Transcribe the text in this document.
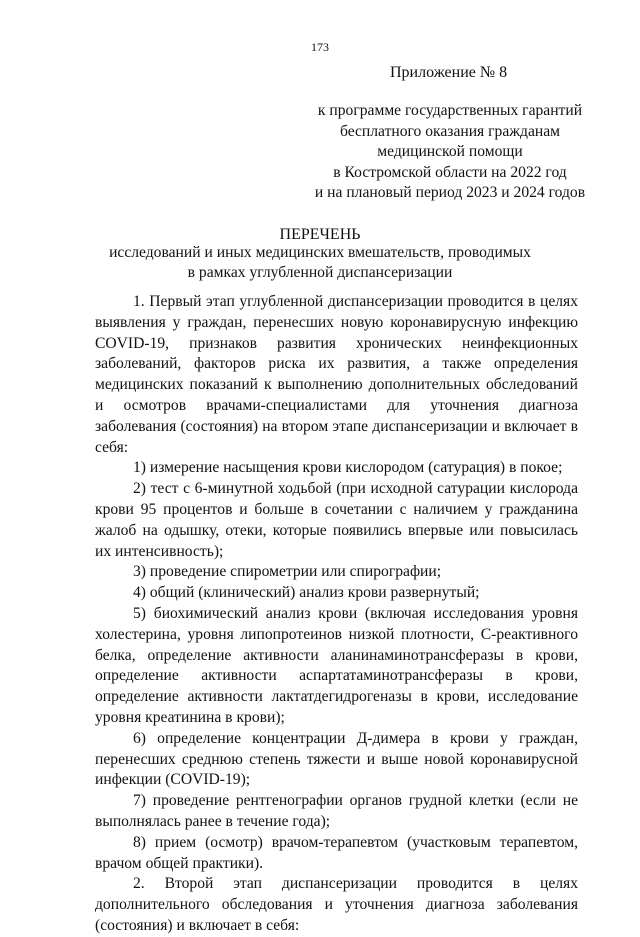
173
Приложение № 8
к программе государственных гарантий
бесплатного оказания гражданам
медицинской помощи
в Костромской области на 2022 год
и на плановый период 2023 и 2024 годов
ПЕРЕЧЕНЬ
исследований и иных медицинских вмешательств, проводимых
в рамках углубленной диспансеризации

1. Первый этап углубленной диспансеризации проводится в целях выявления у граждан, перенесших новую коронавирусную инфекцию COVID-19, признаков развития хронических неинфекционных заболеваний, факторов риска их развития, а также определения медицинских показаний к выполнению дополнительных обследований и осмотров врачами-специалистами для уточнения диагноза заболевания (состояния) на втором этапе диспансеризации и включает в себя:

1) измерение насыщения крови кислородом (сатурация) в покое;

2) тест с 6-минутной ходьбой (при исходной сатурации кислорода крови 95 процентов и больше в сочетании с наличием у гражданина жалоб на одышку, отеки, которые появились впервые или повысилась их интенсивность);

3) проведение спирометрии или спирографии;

4) общий (клинический) анализ крови развернутый;

5) биохимический анализ крови (включая исследования уровня холестерина, уровня липопротеинов низкой плотности, С-реактивного белка, определение активности аланинаминотрансферазы в крови, определение активности аспартатаминотрансферазы в крови, определение активности лактатдегидрогеназы в крови, исследование уровня креатинина в крови);

6) определение концентрации Д-димера в крови у граждан, перенесших среднюю степень тяжести и выше новой коронавирусной инфекции (COVID-19);

7) проведение рентгенографии органов грудной клетки (если не выполнялась ранее в течение года);

8) прием (осмотр) врачом-терапевтом (участковым терапевтом, врачом общей практики).

2. Второй этап диспансеризации проводится в целях дополнительного обследования и уточнения диагноза заболевания (состояния) и включает в себя:
